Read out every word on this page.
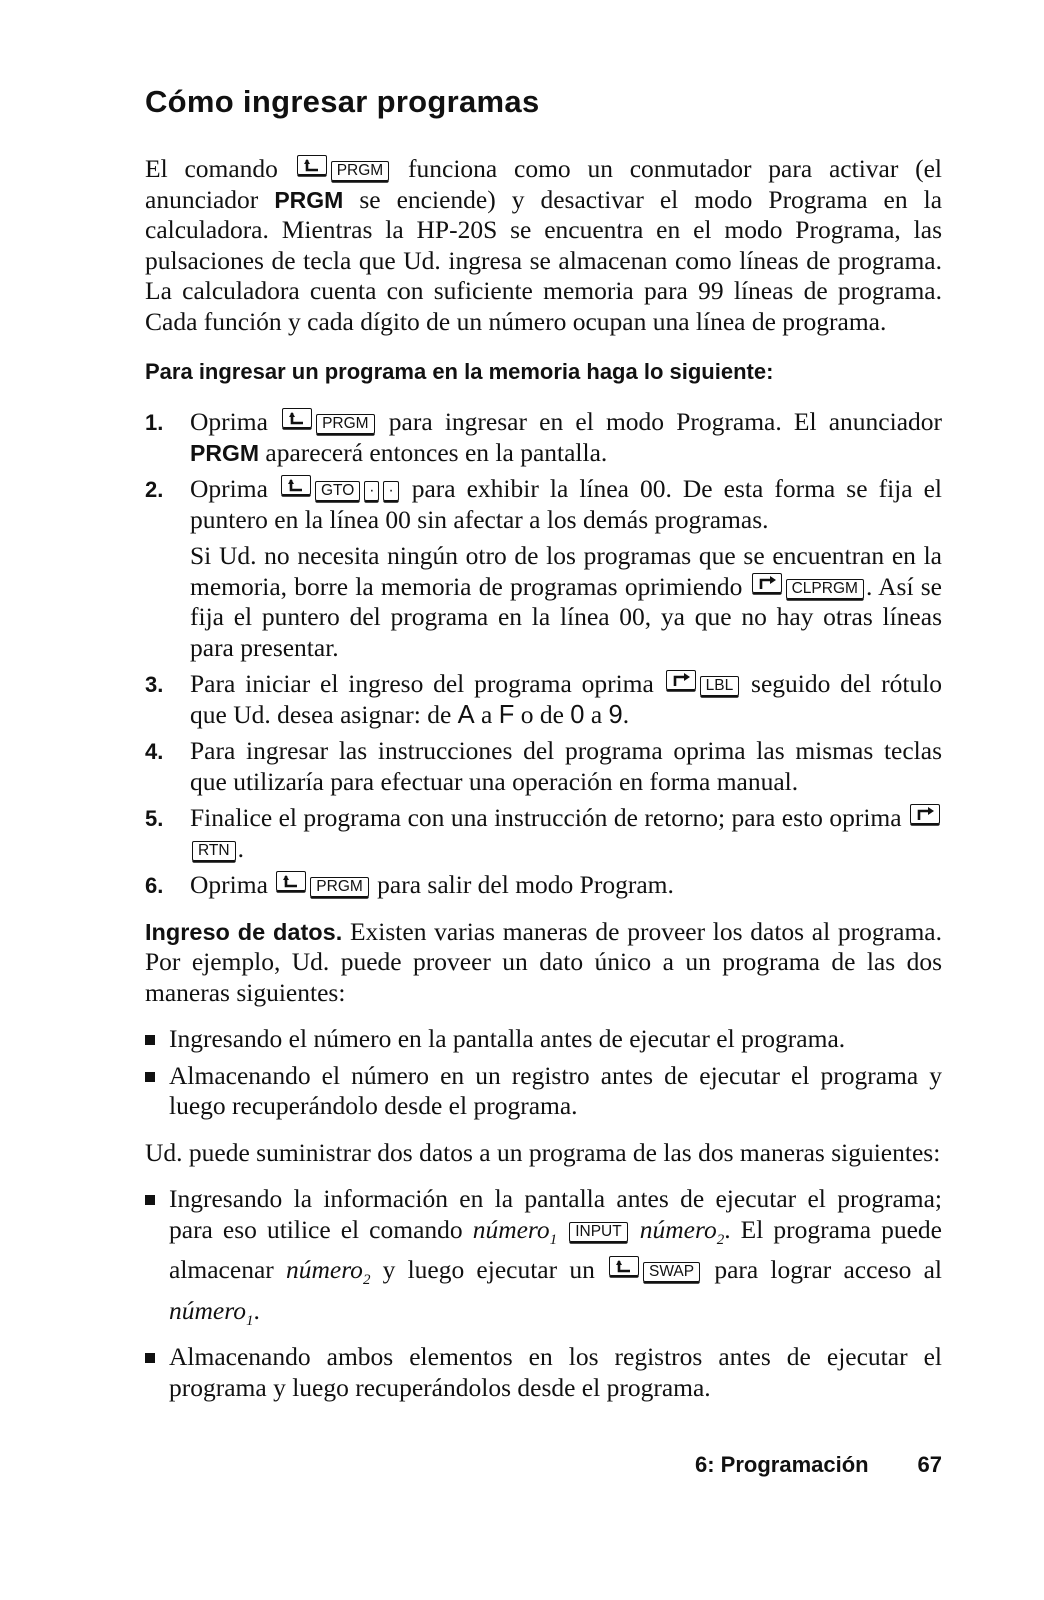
Cómo ingresar programas

El comando	PRGM funciona como un conmutador para activar (el anunciador PRGM se enciende) y desactivar el modo Programa en la calculadora. Mientras la HP-20S se encuentra en el modo Programa, las pulsaciones de tecla que Ud. ingresa se almacenan como líneas de programa. La calculadora cuenta con suficiente memoria para 99 líneas de programa. Cada función y cada dígito de un número ocupan una línea de programa.

Para ingresar un programa en la memoria haga lo siguiente:
1. Oprima	PRGM para ingresar en el modo Programa. El anunciador PRGM aparecerá entonces en la pantalla.

2. Oprima	GTO · · para exhibir la línea 00. De esta forma se fija el puntero en la línea 00 sin afectar a los demás programas.

Si Ud. no necesita ningún otro de los programas que se encuentran en la memoria, borre la memoria de programas oprimiendo	CLPRGM . Así se fija el puntero del programa en la línea 00, ya que no hay otras líneas para presentar.

3. Para iniciar el ingreso del programa oprima	LBL seguido del rótulo que Ud. desea asignar: de A a F o de 0 a 9.

4. Para ingresar las instrucciones del programa oprima las mismas teclas que utilizaría para efectuar una operación en forma manual.

5. Finalice el programa con una instrucción de retorno; para esto oprima
RTN .

6. Oprima	PRGM para salir del modo Program.

Ingreso de datos. Existen varias maneras de proveer los datos al programa. Por ejemplo, Ud. puede proveer un dato único a un programa de las dos maneras siguientes:

Ingresando el número en la pantalla antes de ejecutar el programa.

Almacenando el número en un registro antes de ejecutar el programa y luego recuperándolo desde el programa.

Ud. puede suministrar dos datos a un programa de las dos maneras siguientes:

Ingresando la información en la pantalla antes de ejecutar el programa; para eso utilice el comando número$_1$ INPUT número$_2$. El programa puede almacenar número$_2$ y luego ejecutar un	SWAP para lograr acceso al número$_1$.

Almacenando ambos elementos en los registros antes de ejecutar el programa y luego recuperándolos desde el programa.

6: Programación 67
